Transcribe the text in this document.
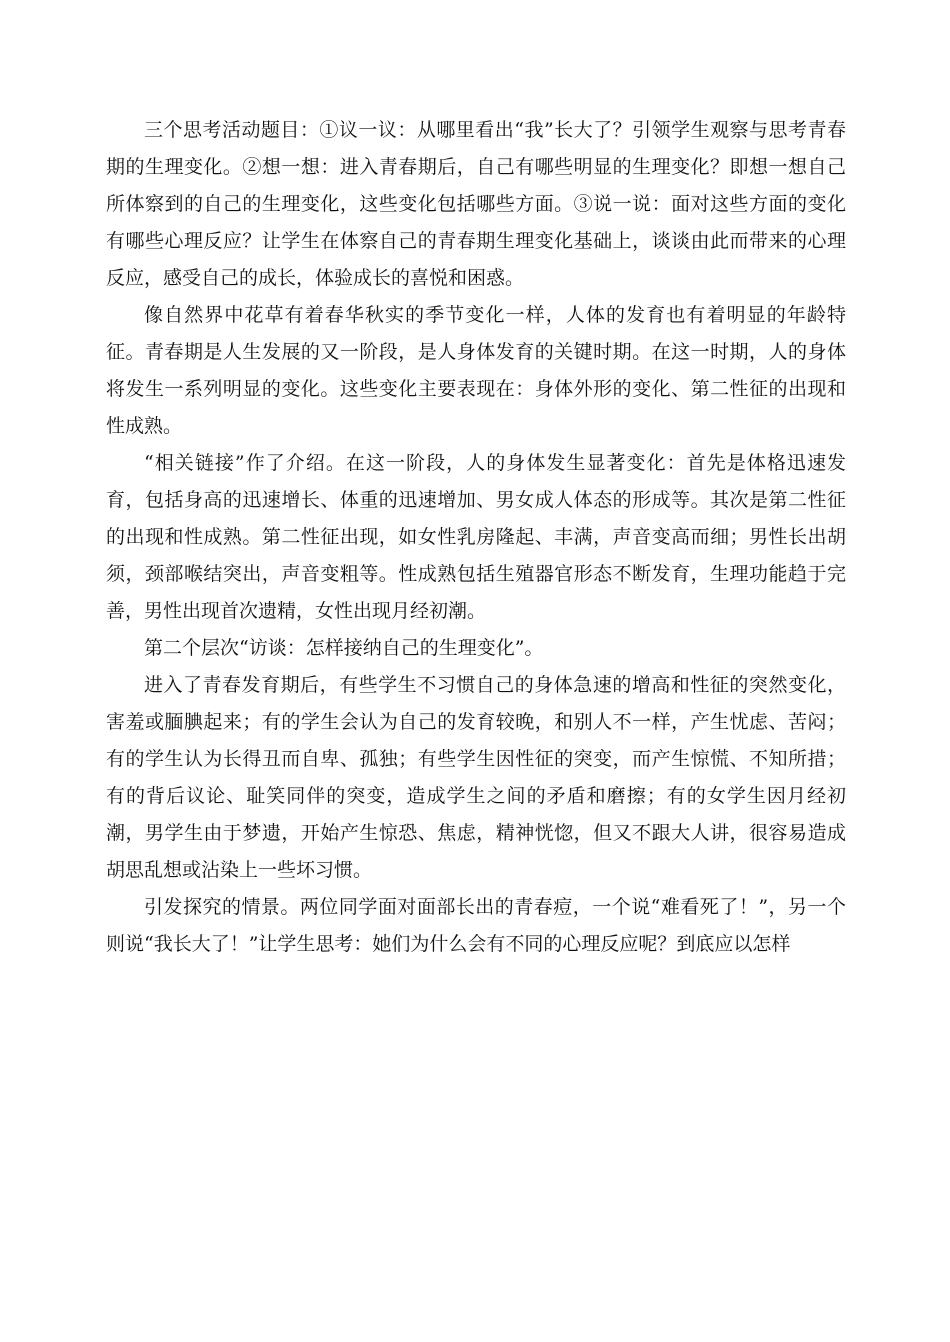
三个思考活动题目：①议一议：从哪里看出“我”长大了？引领学生观察与思考青春期的生理变化。②想一想：进入青春期后，自己有哪些明显的生理变化？即想一想自己所体察到的自己的生理变化，这些变化包括哪些方面。③说一说：面对这些方面的变化有哪些心理反应？让学生在体察自己的青春期生理变化基础上，谈谈由此而带来的心理反应，感受自己的成长，体验成长的喜悦和困惑。

像自然界中花草有着春华秋实的季节变化一样，人体的发育也有着明显的年龄特征。青春期是人生发展的又一阶段，是人身体发育的关键时期。在这一时期，人的身体将发生一系列明显的变化。这些变化主要表现在：身体外形的变化、第二性征的出现和性成熟。

“相关链接”作了介绍。在这一阶段，人的身体发生显著变化：首先是体格迅速发育，包括身高的迅速增长、体重的迅速增加、男女成人体态的形成等。其次是第二性征的出现和性成熟。第二性征出现，如女性乳房隆起、丰满，声音变高而细；男性长出胡须，颈部喉结突出，声音变粗等。性成熟包括生殖器官形态不断发育，生理功能趋于完善，男性出现首次遗精，女性出现月经初潮。

第二个层次“访谈：怎样接纳自己的生理变化”。

进入了青春发育期后，有些学生不习惯自己的身体急速的增高和性征的突然变化，害羞或腼腆起来；有的学生会认为自己的发育较晚，和别人不一样，产生忧虑、苦闷；有的学生认为长得丑而自卑、孤独；有些学生因性征的突变，而产生惊慌、不知所措；有的背后议论、耻笑同伴的突变，造成学生之间的矛盾和磨擦；有的女学生因月经初潮，男学生由于梦遗，开始产生惊恐、焦虑，精神恍惚，但又不跟大人讲，很容易造成胡思乱想或沾染上一些坏习惯。

引发探究的情景。两位同学面对面部长出的青春痘，一个说“难看死了！”，另一个则说“我长大了！”让学生思考：她们为什么会有不同的心理反应呢？到底应以怎样
